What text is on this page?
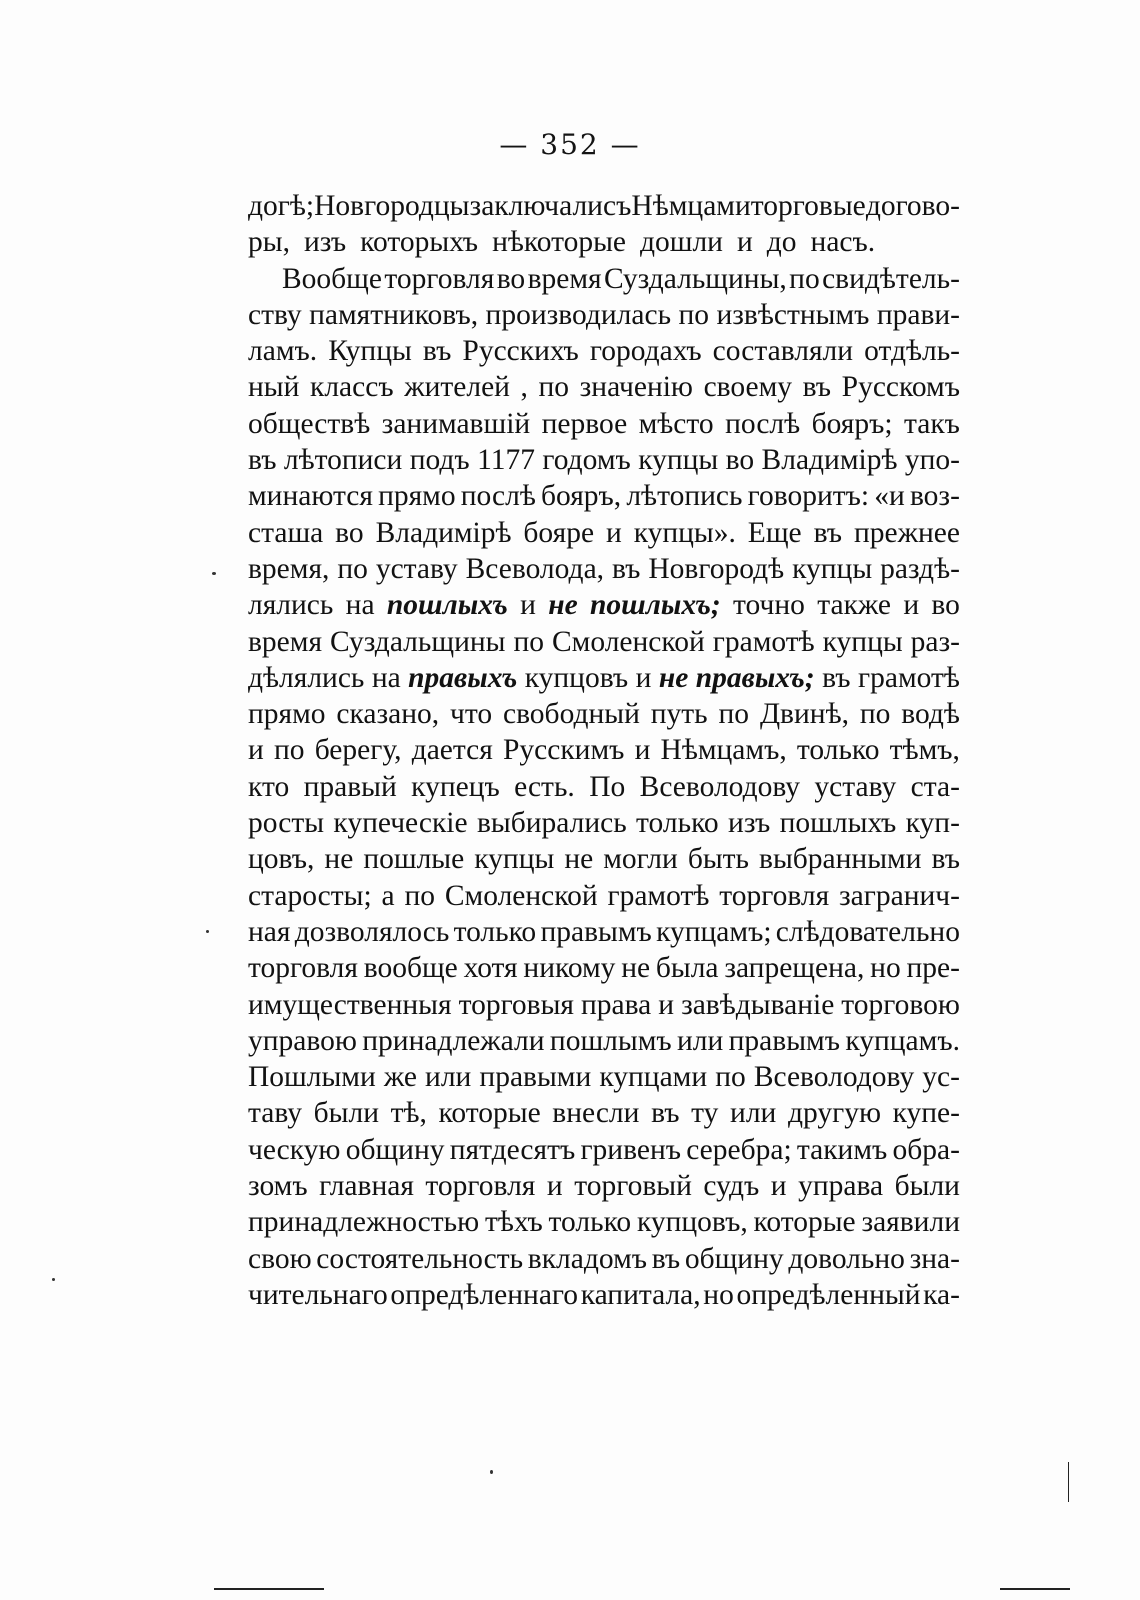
— 352 —
догѣ; Новгородцы заключали съ Нѣмцами торговые догово-
ры, изъ которыхъ нѣкоторые дошли и до насъ.
Вообще торговля во время Суздальщины, по свидѣтель-
ству памятниковъ, производилась по извѣстнымъ прави-
ламъ. Купцы въ Русскихъ городахъ составляли отдѣль-
ный классъ жителей , по значенію своему въ Русскомъ
обществѣ занимавшій первое мѣсто послѣ бояръ; такъ
въ лѣтописи подъ 1177 годомъ купцы во Владимірѣ упо-
минаются прямо послѣ бояръ, лѣтопись говоритъ: «и воз-
сташа во Владимірѣ бояре и купцы». Еще въ прежнее
время, по уставу Всеволода, въ Новгородѣ купцы раздѣ-
лялись на пошлыхъ и не пошлыхъ; точно также и во
время Суздальщины по Смоленской грамотѣ купцы раз-
дѣлялись на правыхъ купцовъ и не правыхъ; въ грамотѣ
прямо сказано, что свободный путь по Двинѣ, по водѣ
и по берегу, дается Русскимъ и Нѣмцамъ, только тѣмъ,
кто правый купецъ есть. По Всеволодову уставу ста-
росты купеческіе выбирались только изъ пошлыхъ куп-
цовъ, не пошлые купцы не могли быть выбранными въ
старосты; а по Смоленской грамотѣ торговля загранич-
ная дозволялось только правымъ купцамъ; слѣдовательно
торговля вообще хотя никому не была запрещена, но пре-
имущественныя торговыя права и завѣдываніе торговою
управою принадлежали пошлымъ или правымъ купцамъ.
Пошлыми же или правыми купцами по Всеволодову ус-
таву были тѣ, которые внесли въ ту или другую купе-
ческую общину пятдесятъ гривенъ серебра; такимъ обра-
зомъ главная торговля и торговый судъ и управа были
принадлежностью тѣхъ только купцовъ, которые заявили
свою состоятельность вкладомъ въ общину довольно зна-
чительнаго опредѣленнаго капитала, но опредѣленный ка-
